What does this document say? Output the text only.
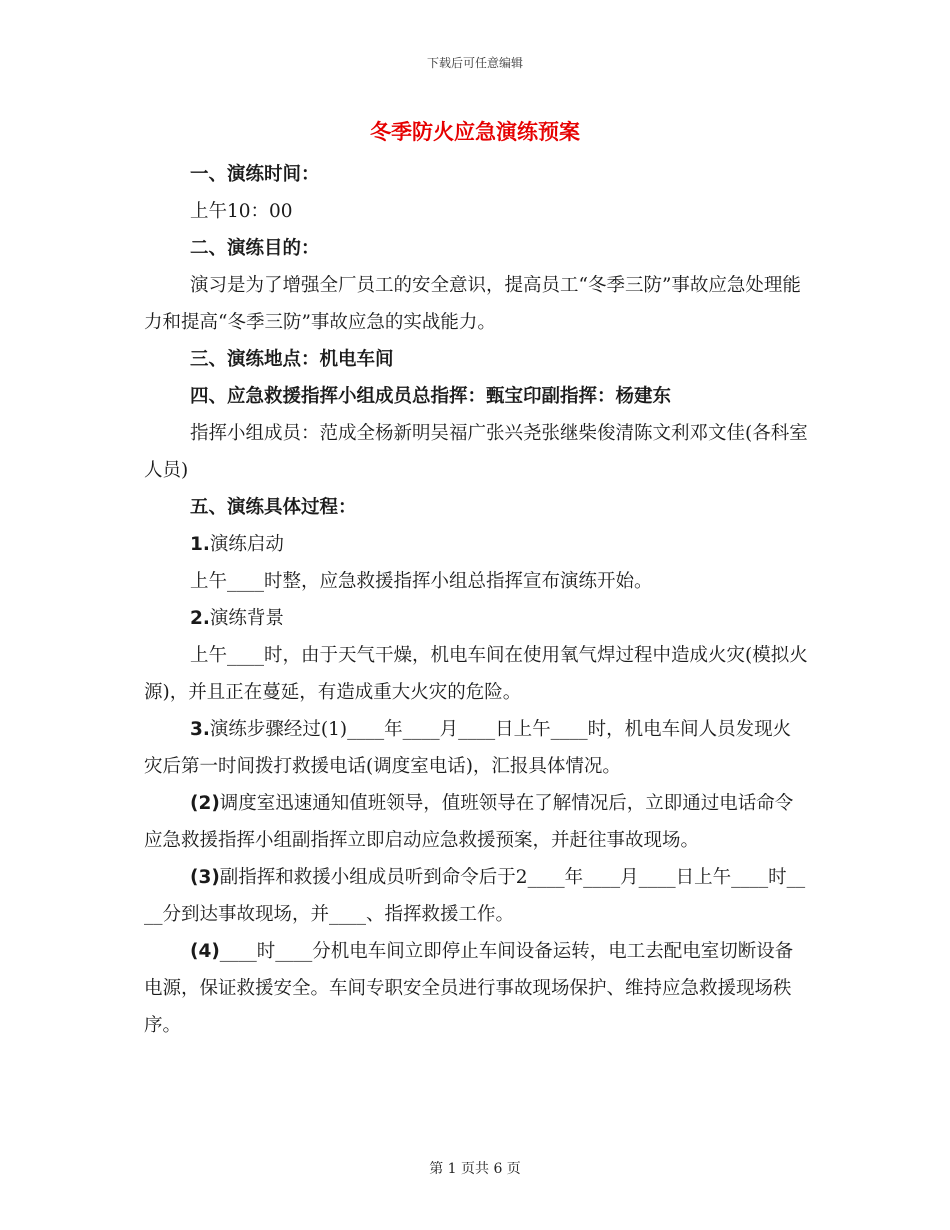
下载后可任意编辑
冬季防火应急演练预案

一、演练时间：

上午10：00

二、演练目的：

演习是为了增强全厂员工的安全意识，提高员工“冬季三防”事故应急处理能力和提高“冬季三防”事故应急的实战能力。

三、演练地点：机电车间

四、应急救援指挥小组成员总指挥：甄宝印副指挥：杨建东

指挥小组成员：范成全杨新明吴福广张兴尧张继柴俊清陈文利邓文佳(各科室人员)

五、演练具体过程：

1.演练启动

上午____时整，应急救援指挥小组总指挥宣布演练开始。

2.演练背景

上午____时，由于天气干燥，机电车间在使用氧气焊过程中造成火灾(模拟火源)，并且正在蔓延，有造成重大火灾的危险。

3.演练步骤经过(1)____年____月____日上午____时，机电车间人员发现火灾后第一时间拨打救援电话(调度室电话)，汇报具体情况。

(2)调度室迅速通知值班领导，值班领导在了解情况后，立即通过电话命令应急救援指挥小组副指挥立即启动应急救援预案，并赶往事故现场。

(3)副指挥和救援小组成员听到命令后于2____年____月____日上午____时____分到达事故现场，并____、指挥救援工作。

(4)____时____分机电车间立即停止车间设备运转，电工去配电室切断设备电源，保证救援安全。车间专职安全员进行事故现场保护、维持应急救援现场秩序。

第 1 页共 6 页
